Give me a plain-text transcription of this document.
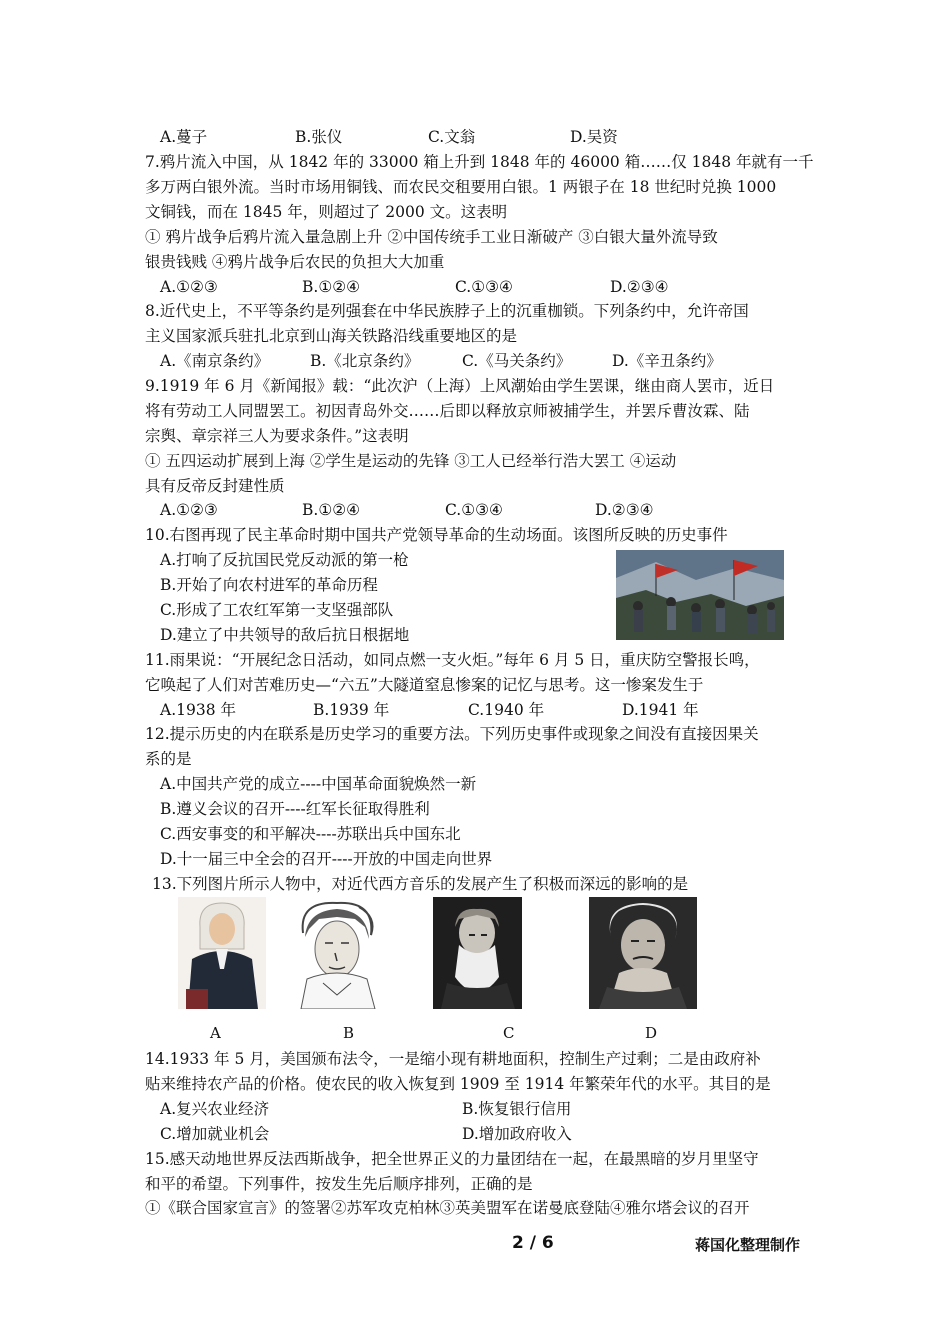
A.蔓子	B.张仪	C.文翁	D.吴资
7.鸦片流入中国，从 1842 年的 33000 箱上升到 1848 年的 46000 箱……仅 1848 年就有一千
多万两白银外流。当时市场用铜钱、而农民交租要用白银。1 两银子在 18 世纪时兑换 1000
文铜钱，而在 1845 年，则超过了 2000 文。这表明
① 鸦片战争后鸦片流入量急剧上升 ②中国传统手工业日渐破产 ③白银大量外流导致
银贵钱贱 ④鸦片战争后农民的负担大大加重
A.①②③	B.①②④	C.①③④	D.②③④
8.近代史上，不平等条约是列强套在中华民族脖子上的沉重枷锁。下列条约中，允许帝国
主义国家派兵驻扎北京到山海关铁路沿线重要地区的是
A.《南京条约》	B.《北京条约》	C.《马关条约》	D.《辛丑条约》
9.1919 年 6 月《新闻报》载：“此次沪（上海）上风潮始由学生罢课，继由商人罢市，近日
将有劳动工人同盟罢工。初因青岛外交……后即以释放京师被捕学生，并罢斥曹汝霖、陆
宗舆、章宗祥三人为要求条件。”这表明
① 五四运动扩展到上海 ②学生是运动的先锋 ③工人已经举行浩大罢工 ④运动
具有反帝反封建性质
A.①②③	B.①②④	C.①③④	D.②③④
10.右图再现了民主革命时期中国共产党领导革命的生动场面。该图所反映的历史事件
A.打响了反抗国民党反动派的第一枪
B.开始了向农村进军的革命历程
C.形成了工农红军第一支坚强部队
D.建立了中共领导的敌后抗日根据地
11.雨果说：“开展纪念日活动，如同点燃一支火炬。”每年 6 月 5 日，重庆防空警报长鸣，
它唤起了人们对苦难历史—“六五”大隧道窒息惨案的记忆与思考。这一惨案发生于
A.1938 年	B.1939 年	C.1940 年	D.1941 年
12.提示历史的内在联系是历史学习的重要方法。下列历史事件或现象之间没有直接因果关
系的是
A.中国共产党的成立----中国革命面貌焕然一新
B.遵义会议的召开----红军长征取得胜利
C.西安事变的和平解决----苏联出兵中国东北
D.十一届三中全会的召开----开放的中国走向世界
13.下列图片所示人物中，对近代西方音乐的发展产生了积极而深远的影响的是
A	B	C	D
14.1933 年 5 月，美国颁布法令，一是缩小现有耕地面积，控制生产过剩；二是由政府补
贴来维持农产品的价格。使农民的收入恢复到 1909 至 1914 年繁荣年代的水平。其目的是
A.复兴农业经济	B.恢复银行信用
C.增加就业机会	D.增加政府收入
15.感天动地世界反法西斯战争，把全世界正义的力量团结在一起，在最黑暗的岁月里坚守
和平的希望。下列事件，按发生先后顺序排列，正确的是
①《联合国家宣言》的签署②苏军攻克柏林③英美盟军在诺曼底登陆④雅尔塔会议的召开
2 / 6	蒋国化整理制作
